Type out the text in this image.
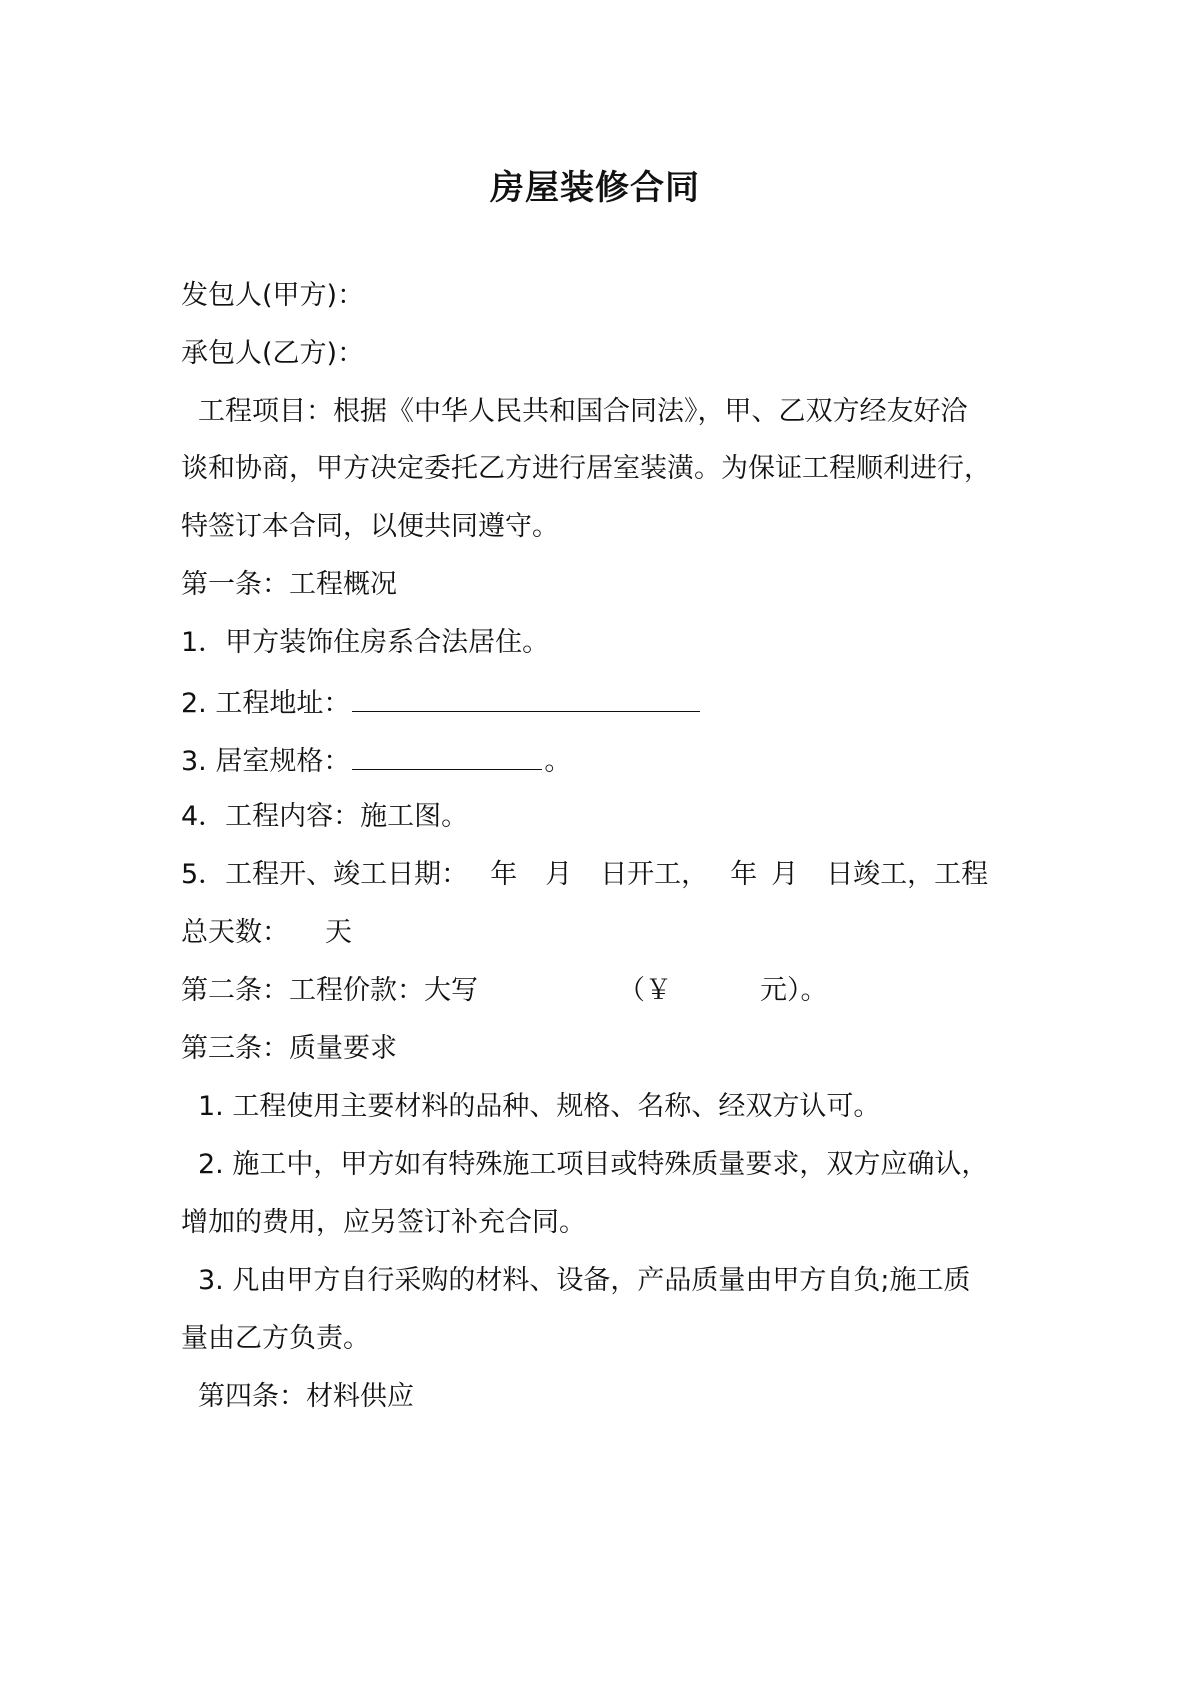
房屋装修合同
发包人(甲方)：
承包人(乙方)：
工程项目：根据《中华人民共和国合同法》，甲、乙双方经友好洽
谈和协商，甲方决定委托乙方进行居室装潢。为保证工程顺利进行，
特签订本合同，以便共同遵守。
第一条：工程概况
1．甲方装饰住房系合法居住。
2. 工程地址：
3. 居室规格：	。
4．工程内容：施工图。
5．工程开、竣工日期： 年 月 日开工， 年 月 日竣工，工程
总天数： 天
第二条：工程价款：大写	（￥	元）。
第三条：质量要求
1. 工程使用主要材料的品种、规格、名称、经双方认可。
2. 施工中，甲方如有特殊施工项目或特殊质量要求，双方应确认，
增加的费用，应另签订补充合同。
3. 凡由甲方自行采购的材料、设备，产品质量由甲方自负;施工质
量由乙方负责。
第四条：材料供应
